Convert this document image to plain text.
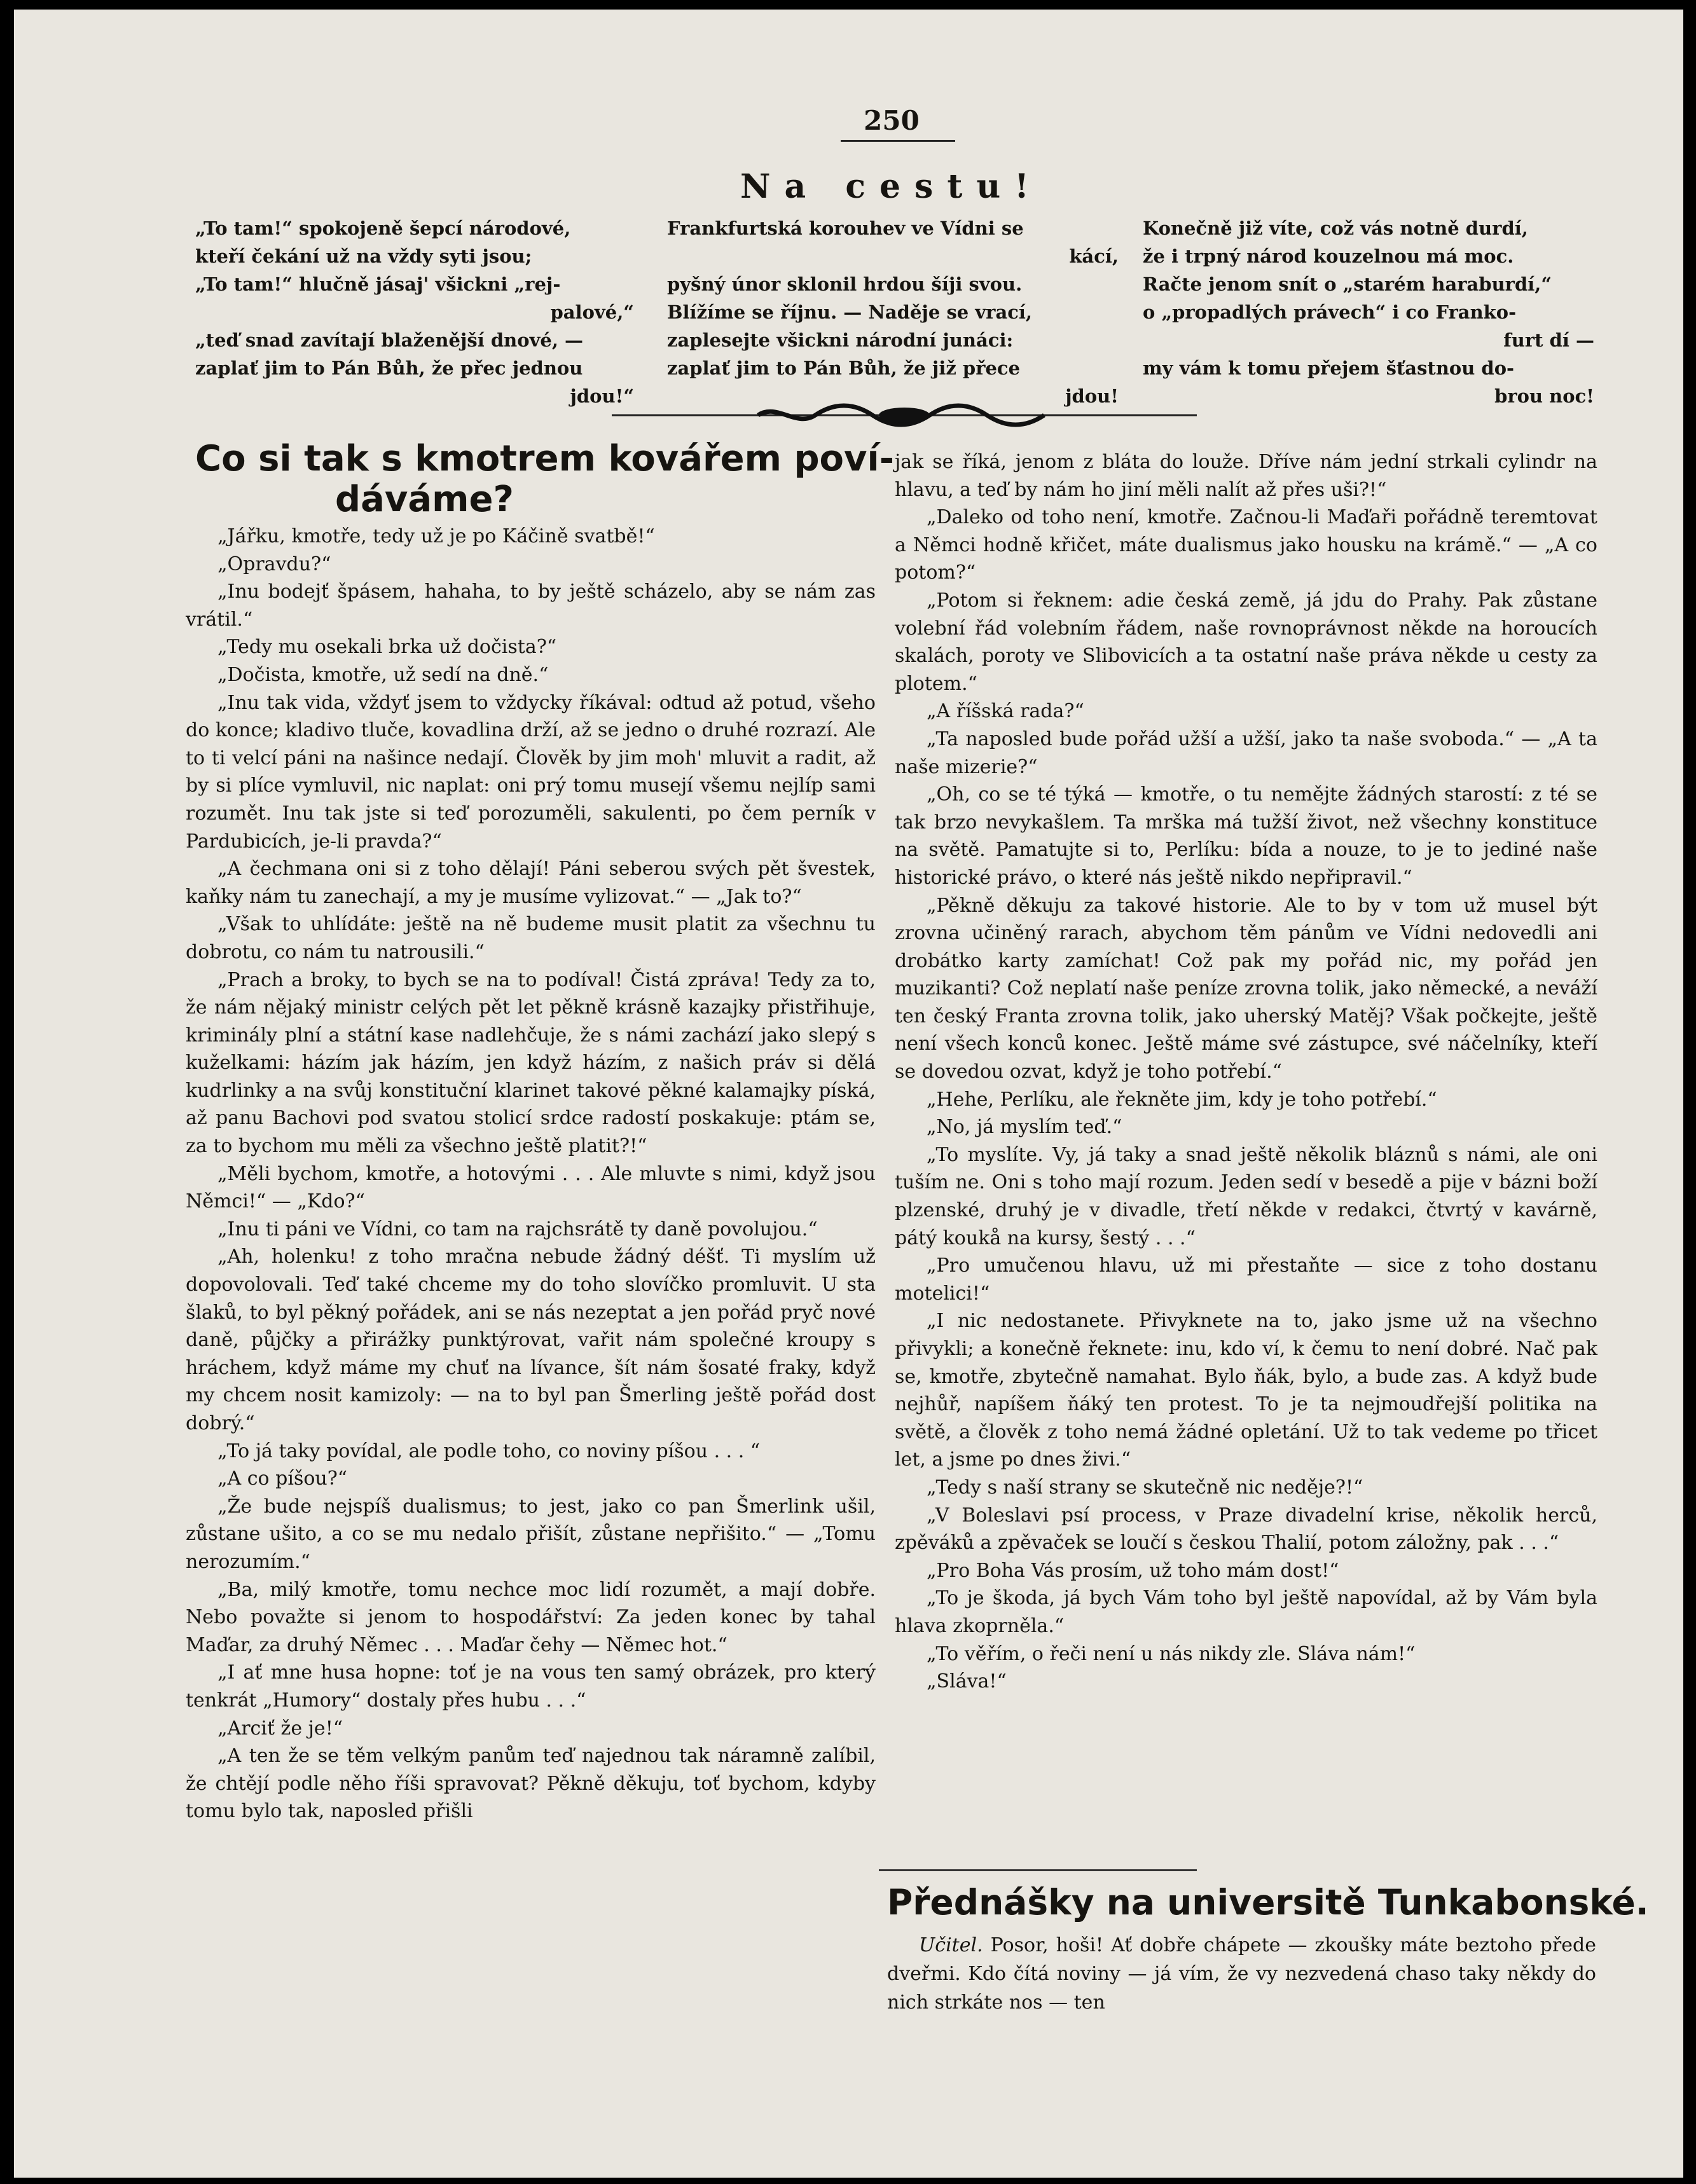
250
Na cestu!
„To tam!“ spokojeně šepcí národové,
kteří čekání už na vždy syti jsou;
„To tam!“ hlučně jásaj' všickni „rej-
palové,“
„teď snad zavítají blaženější dnové, —
zaplať jim to Pán Bůh, že přec jednou
jdou!“
Frankfurtská korouhev ve Vídni se
kácí,
pyšný únor sklonil hrdou šíji svou.
Blížíme se říjnu. — Naděje se vrací,
zaplesejte všickni národní junáci:
zaplať jim to Pán Bůh, že již přece
jdou!
Konečně již víte, což vás notně durdí,
že i trpný národ kouzelnou má moc.
Račte jenom snít o „starém haraburdí,“
o „propadlých právech“ i co Franko-
furt dí —
my vám k tomu přejem šťastnou do-
brou noc!
Co si tak s kmotrem kovářem poví-
dáváme?

„Jářku, kmotře, tedy už je po Káčině svatbě!“

„Opravdu?“

„Inu bodejť špásem, hahaha, to by ještě scházelo, aby se nám zas vrátil.“

„Tedy mu osekali brka už dočista?“

„Dočista, kmotře, už sedí na dně.“

„Inu tak vida, vždyť jsem to vždycky říkával: odtud až potud, všeho do konce; kladivo tluče, kovadlina drží, až se jedno o druhé rozrazí. Ale to ti velcí páni na našince nedají. Člověk by jim moh' mluvit a radit, až by si plíce vymluvil, nic naplat: oni prý tomu musejí všemu nejlíp sami rozumět. Inu tak jste si teď porozuměli, sakulenti, po čem perník v Pardubicích, je-li pravda?“

„A čechmana oni si z toho dělají! Páni seberou svých pět švestek, kaňky nám tu zanechají, a my je musíme vylizovat.“ — „Jak to?“

„Však to uhlídáte: ještě na ně budeme musit platit za všechnu tu dobrotu, co nám tu natrousili.“

„Prach a broky, to bych se na to podíval! Čistá zpráva! Tedy za to, že nám nějaký ministr celých pět let pěkně krásně kazajky přistřihuje, kriminály plní a státní kase nadlehčuje, že s námi zachází jako slepý s kuželkami: házím jak házím, jen když házím, z našich práv si dělá kudrlinky a na svůj konstituční klarinet takové pěkné kalamajky píská, až panu Bachovi pod svatou stolicí srdce radostí poskakuje: ptám se, za to bychom mu měli za všechno ještě platit?!“

„Měli bychom, kmotře, a hotovými . . . Ale mluvte s nimi, když jsou Němci!“ — „Kdo?“

„Inu ti páni ve Vídni, co tam na rajchsrátě ty daně povolujou.“

„Ah, holenku! z toho mračna nebude žádný déšť. Ti myslím už dopovolovali. Teď také chceme my do toho slovíčko promluvit. U sta šlaků, to byl pěkný pořádek, ani se nás nezeptat a jen pořád pryč nové daně, půjčky a přirážky punktýrovat, vařit nám společné kroupy s hráchem, když máme my chuť na lívance, šít nám šosaté fraky, když my chcem nosit kamizoly: — na to byl pan Šmerling ještě pořád dost dobrý.“

„To já taky povídal, ale podle toho, co noviny píšou . . . “

„A co píšou?“

„Že bude nejspíš dualismus; to jest, jako co pan Šmerlink ušil, zůstane ušito, a co se mu nedalo přišít, zůstane nepřišito.“ — „Tomu nerozumím.“

„Ba, milý kmotře, tomu nechce moc lidí rozumět, a mají dobře. Nebo považte si jenom to hospodářství: Za jeden konec by tahal Maďar, za druhý Němec . . . Maďar čehy — Němec hot.“

„I ať mne husa hopne: toť je na vous ten samý obrázek, pro který tenkrát „Humory“ dostaly přes hubu . . .“

„Arciť že je!“

„A ten že se těm velkým panům teď najednou tak náramně zalíbil, že chtějí podle něho říši spravovat? Pěkně děkuju, toť bychom, kdyby tomu bylo tak, naposled přišli

jak se říká, jenom z bláta do louže. Dříve nám jední strkali cylindr na hlavu, a teď by nám ho jiní měli nalít až přes uši?!“

„Daleko od toho není, kmotře. Začnou-li Maďaři pořádně teremtovat a Němci hodně křičet, máte dualismus jako housku na krámě.“ — „A co potom?“

„Potom si řeknem: adie česká země, já jdu do Prahy. Pak zůstane volební řád volebním řádem, naše rovnoprávnost někde na horoucích skalách, poroty ve Slibovicích a ta ostatní naše práva někde u cesty za plotem.“

„A říšská rada?“

„Ta naposled bude pořád užší a užší, jako ta naše svoboda.“ — „A ta naše mizerie?“

„Oh, co se té týká — kmotře, o tu nemějte žádných starostí: z té se tak brzo nevykašlem. Ta mrška má tužší život, než všechny konstituce na světě. Pamatujte si to, Perlíku: bída a nouze, to je to jediné naše historické právo, o které nás ještě nikdo nepřipravil.“

„Pěkně děkuju za takové historie. Ale to by v tom už musel být zrovna učiněný rarach, abychom těm pánům ve Vídni nedovedli ani drobátko karty zamíchat! Což pak my pořád nic, my pořád jen muzikanti? Což neplatí naše peníze zrovna tolik, jako německé, a neváží ten český Franta zrovna tolik, jako uherský Matěj? Však počkejte, ještě není všech konců konec. Ještě máme své zástupce, své náčelníky, kteří se dovedou ozvat, když je toho potřebí.“

„Hehe, Perlíku, ale řekněte jim, kdy je toho potřebí.“

„No, já myslím teď.“

„To myslíte. Vy, já taky a snad ještě několik bláznů s námi, ale oni tuším ne. Oni s toho mají rozum. Jeden sedí v besedě a pije v bázni boží plzenské, druhý je v divadle, třetí někde v redakci, čtvrtý v kavárně, pátý koukå na kursy, šestý . . .“

„Pro umučenou hlavu, už mi přestaňte — sice z toho dostanu motelici!“

„I nic nedostanete. Přivyknete na to, jako jsme už na všechno přivykli; a konečně řeknete: inu, kdo ví, k čemu to není dobré. Nač pak se, kmotře, zbytečně namahat. Bylo ňák, bylo, a bude zas. A když bude nejhůř, napíšem ňáký ten protest. To je ta nejmoudřejší politika na světě, a člověk z toho nemá žádné opletání. Už to tak vedeme po třicet let, a jsme po dnes živi.“

„Tedy s naší strany se skutečně nic neděje?!“

„V Boleslavi psí process, v Praze divadelní krise, několik herců, zpěváků a zpěvaček se loučí s českou Thalií, potom záložny, pak . . .“

„Pro Boha Vás prosím, už toho mám dost!“

„To je škoda, já bych Vám toho byl ještě napovídal, až by Vám byla hlava zkoprněla.“

„To věřím, o řeči není u nás nikdy zle. Sláva nám!“

„Sláva!“

Přednášky na universitě Tunkabonské.
Učitel. Posor, hoši! Ať dobře chápete — zkoušky máte beztoho přede dveřmi. Kdo čítá noviny — já vím, že vy nezvedená chaso taky někdy do nich strkáte nos — ten
